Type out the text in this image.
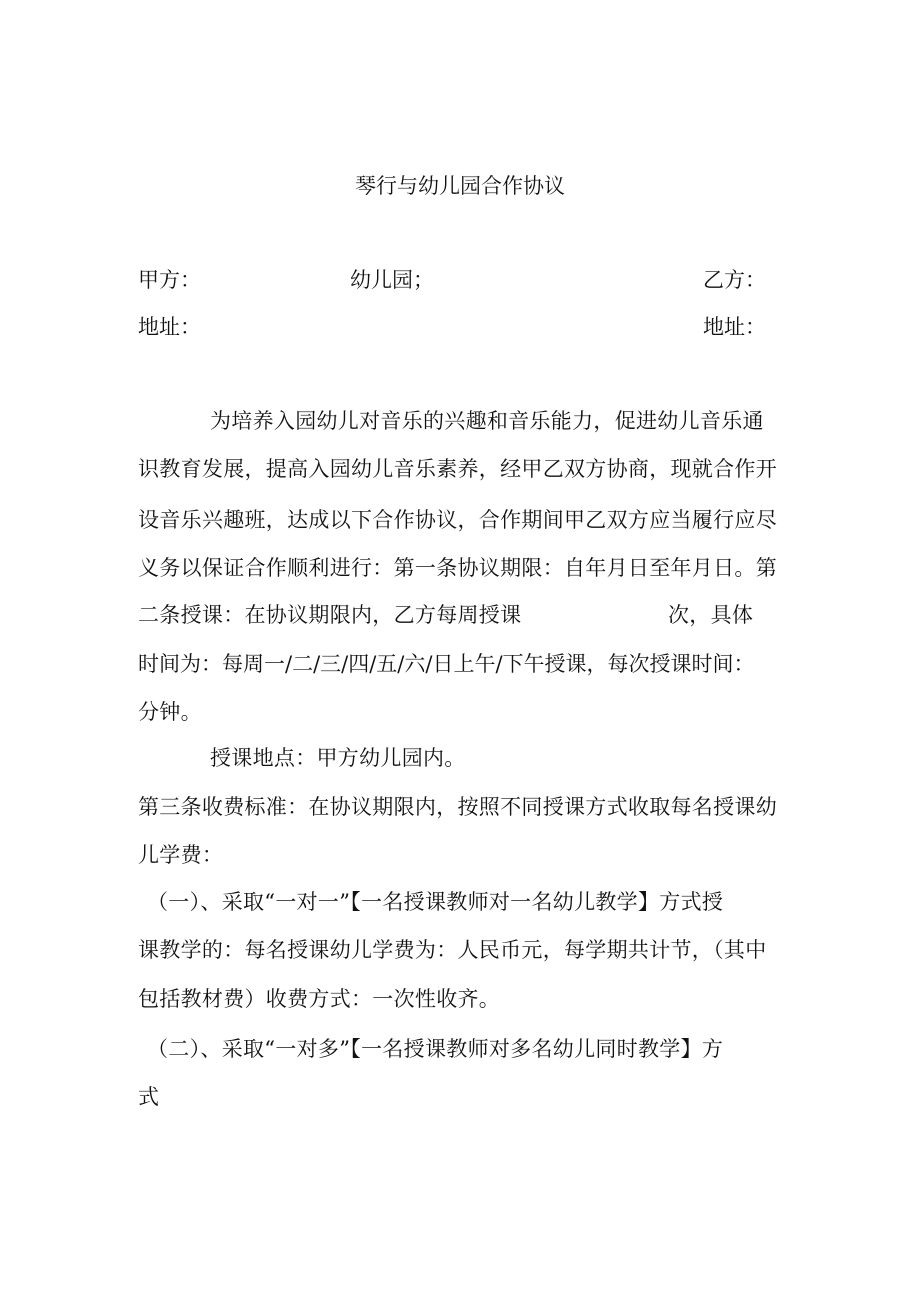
琴行与幼儿园合作协议
甲方：	幼儿园；	乙方：
地址：	地址：
为培养入园幼儿对音乐的兴趣和音乐能力，促进幼儿音乐通
识教育发展，提高入园幼儿音乐素养，经甲乙双方协商，现就合作开
设音乐兴趣班，达成以下合作协议，合作期间甲乙双方应当履行应尽
义务以保证合作顺利进行：第一条协议期限：自年月日至年月日。第
二条授课：在协议期限内，乙方每周授课	次，具体
时间为：每周一/二/三/四/五/六/日上午/下午授课，每次授课时间：
分钟。
授课地点：甲方幼儿园内。
第三条收费标准：在协议期限内，按照不同授课方式收取每名授课幼
儿学费：
（一）、采取“一对一”【一名授课教师对一名幼儿教学】方式授
课教学的：每名授课幼儿学费为：人民币元，每学期共计节，（其中
包括教材费）收费方式：一次性收齐。
（二）、采取“一对多”【一名授课教师对多名幼儿同时教学】方
式
